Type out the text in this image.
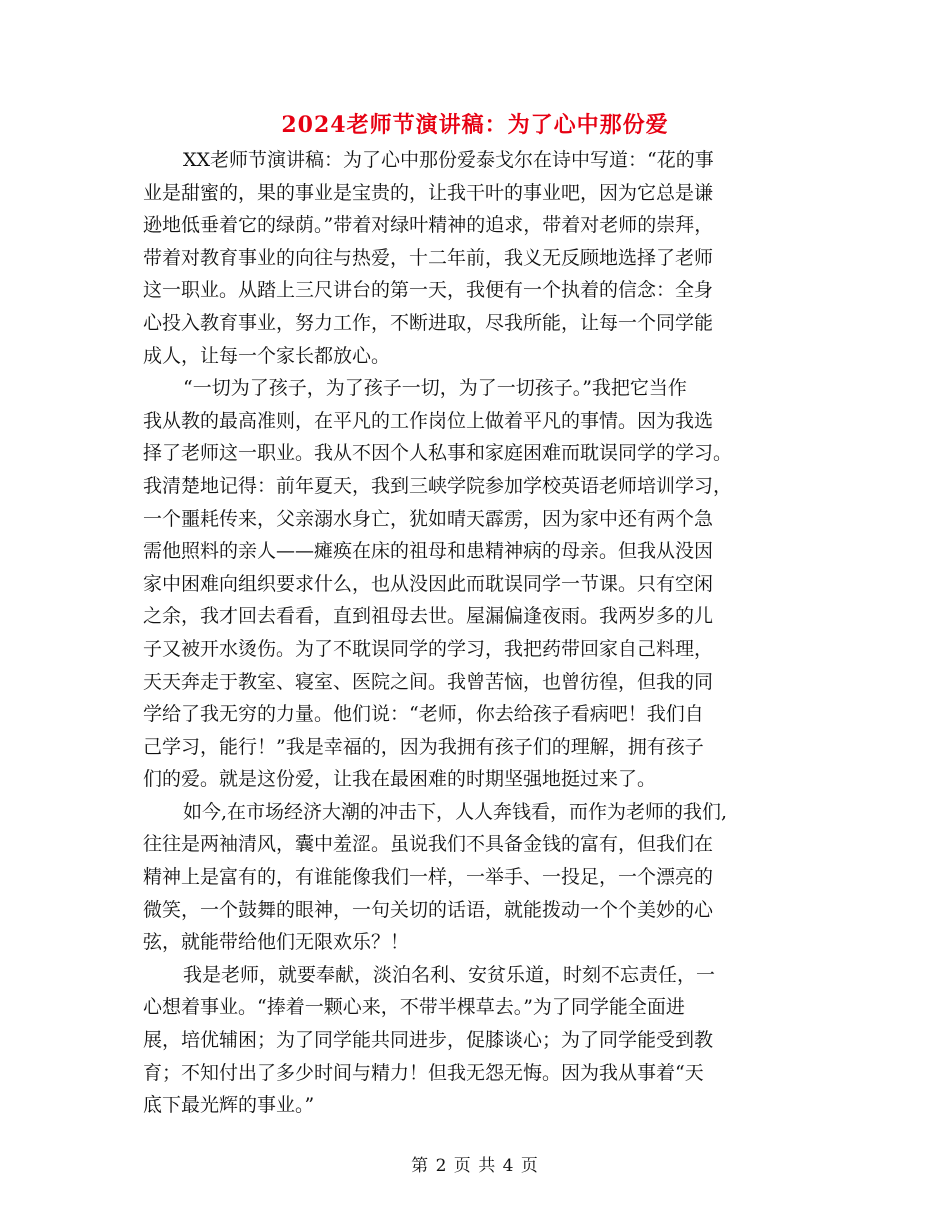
2024老师节演讲稿：为了心中那份爱
XX老师节演讲稿：为了心中那份爱泰戈尔在诗中写道：“花的事
业是甜蜜的，果的事业是宝贵的，让我干叶的事业吧，因为它总是谦
逊地低垂着它的绿荫。”带着对绿叶精神的追求，带着对老师的崇拜，
带着对教育事业的向往与热爱，十二年前，我义无反顾地选择了老师
这一职业。从踏上三尺讲台的第一天，我便有一个执着的信念：全身
心投入教育事业，努力工作，不断进取，尽我所能，让每一个同学能
成人，让每一个家长都放心。
“一切为了孩子，为了孩子一切，为了一切孩子。”我把它当作
我从教的最高准则，在平凡的工作岗位上做着平凡的事情。因为我选
择了老师这一职业。我从不因个人私事和家庭困难而耽误同学的学习。
我清楚地记得：前年夏天，我到三峡学院参加学校英语老师培训学习，
一个噩耗传来，父亲溺水身亡，犹如晴天霹雳，因为家中还有两个急
需他照料的亲人——瘫痪在床的祖母和患精神病的母亲。但我从没因
家中困难向组织要求什么，也从没因此而耽误同学一节课。只有空闲
之余，我才回去看看，直到祖母去世。屋漏偏逢夜雨。我两岁多的儿
子又被开水烫伤。为了不耽误同学的学习，我把药带回家自己料理，
天天奔走于教室、寝室、医院之间。我曾苦恼，也曾彷徨，但我的同
学给了我无穷的力量。他们说：“老师，你去给孩子看病吧！我们自
己学习，能行！”我是幸福的，因为我拥有孩子们的理解，拥有孩子
们的爱。就是这份爱，让我在最困难的时期坚强地挺过来了。
如今,在市场经济大潮的冲击下，人人奔钱看，而作为老师的我们,
往往是两袖清风，囊中羞涩。虽说我们不具备金钱的富有，但我们在
精神上是富有的，有谁能像我们一样，一举手、一投足，一个漂亮的
微笑，一个鼓舞的眼神，一句关切的话语，就能拨动一个个美妙的心
弦，就能带给他们无限欢乐？！
我是老师，就要奉献，淡泊名利、安贫乐道，时刻不忘责任，一
心想着事业。“捧着一颗心来，不带半棵草去。”为了同学能全面进
展，培优辅困；为了同学能共同进步，促膝谈心；为了同学能受到教
育；不知付出了多少时间与精力！但我无怨无悔。因为我从事着“天
底下最光辉的事业。”
第 2 页 共 4 页
